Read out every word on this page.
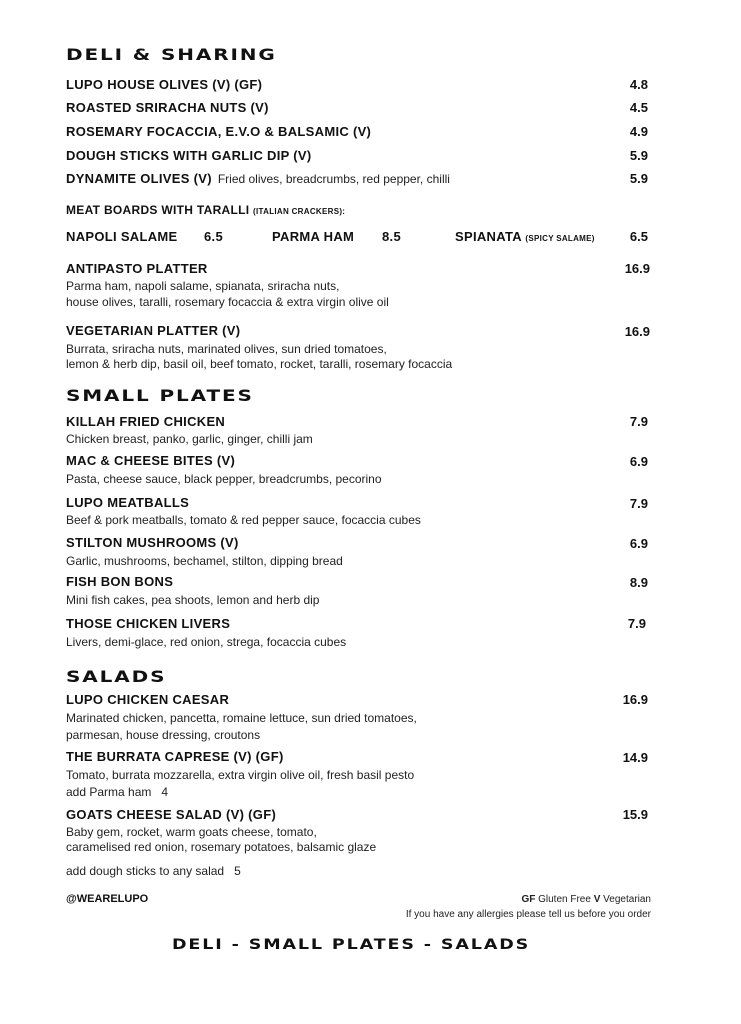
DELI & SHARING
LUPO HOUSE OLIVES (V) (GF)	4.8
ROASTED SRIRACHA NUTS (V)	4.5
ROSEMARY FOCACCIA, E.V.O & BALSAMIC (V)	4.9
DOUGH STICKS WITH GARLIC DIP (V)	5.9
DYNAMITE OLIVES (V) Fried olives, breadcrumbs, red pepper, chilli	5.9
MEAT BOARDS WITH TARALLI (ITALIAN CRACKERS):
NAPOLI SALAME 6.5	PARMA HAM 8.5	SPIANATA (SPICY SALAME)	6.5
ANTIPASTO PLATTER	16.9
Parma ham, napoli salame, spianata, sriracha nuts,
house olives, taralli, rosemary focaccia & extra virgin olive oil
VEGETARIAN PLATTER (V)	16.9
Burrata, sriracha nuts, marinated olives, sun dried tomatoes,
lemon & herb dip, basil oil, beef tomato, rocket, taralli, rosemary focaccia
SMALL PLATES
KILLAH FRIED CHICKEN	7.9
Chicken breast, panko, garlic, ginger, chilli jam
MAC & CHEESE BITES (V)	6.9
Pasta, cheese sauce, black pepper, breadcrumbs, pecorino
LUPO MEATBALLS	7.9
Beef & pork meatballs, tomato & red pepper sauce, focaccia cubes
STILTON MUSHROOMS (V)	6.9
Garlic, mushrooms, bechamel, stilton, dipping bread
FISH BON BONS	8.9
Mini fish cakes, pea shoots, lemon and herb dip
THOSE CHICKEN LIVERS	7.9
Livers, demi-glace, red onion, strega, focaccia cubes
SALADS
LUPO CHICKEN CAESAR	16.9
Marinated chicken, pancetta, romaine lettuce, sun dried tomatoes,
parmesan, house dressing, croutons
THE BURRATA CAPRESE (V) (GF)	14.9
Tomato, burrata mozzarella, extra virgin olive oil, fresh basil pesto
add Parma ham   4
GOATS CHEESE SALAD (V) (GF)	15.9
Baby gem, rocket, warm goats cheese, tomato,
caramelised red onion, rosemary potatoes, balsamic glaze
add dough sticks to any salad   5
@WEARELUPO	GF Gluten Free V Vegetarian
If you have any allergies please tell us before you order
DELI - SMALL PLATES - SALADS
